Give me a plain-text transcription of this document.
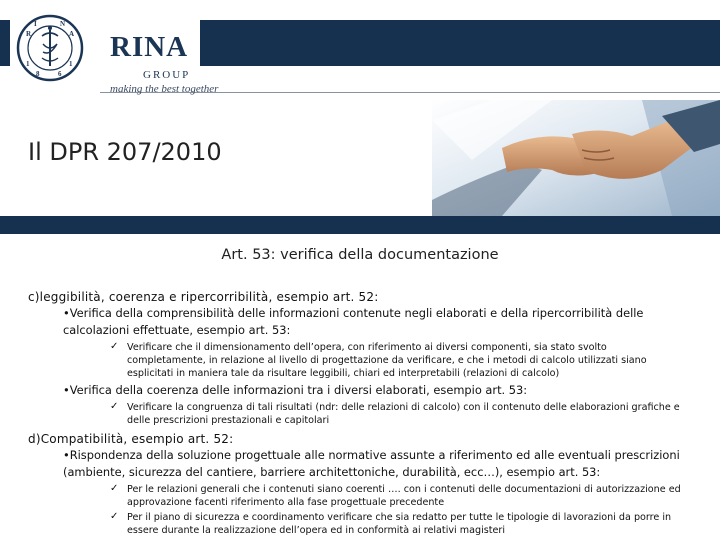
R
I	N
A
1
8	6
1
RINA
GROUP
making the best together
Il DPR 207/2010
Art. 53: verifica della documentazione
c)leggibilità, coerenza e ripercorribilità, esempio art. 52:
•Verifica della comprensibilità delle informazioni contenute negli elaborati e della ripercorribilità delle
calcolazioni effettuate, esempio art. 53:
✓ Verificare che il dimensionamento dell’opera, con riferimento ai diversi componenti, sia stato svolto
completamente, in relazione al livello di progettazione da verificare, e che i metodi di calcolo utilizzati siano
esplicitati in maniera tale da risultare leggibili, chiari ed interpretabili (relazioni di calcolo)
•Verifica della coerenza delle informazioni tra i diversi elaborati, esempio art. 53:
✓ Verificare la congruenza di tali risultati (ndr: delle relazioni di calcolo) con il contenuto delle elaborazioni grafiche e
delle prescrizioni prestazionali e capitolari
d)Compatibilità, esempio art. 52:
•Rispondenza della soluzione progettuale alle normative assunte a riferimento ed alle eventuali prescrizioni
(ambiente, sicurezza del cantiere, barriere architettoniche, durabilità, ecc…), esempio art. 53:
✓ Per le relazioni generali che i contenuti siano coerenti …. con i contenuti delle documentazioni di autorizzazione ed
approvazione facenti riferimento alla fase progettuale precedente
✓ Per il piano di sicurezza e coordinamento verificare che sia redatto per tutte le tipologie di lavorazioni da porre in
essere durante la realizzazione dell’opera ed in conformità ai relativi magisteri
